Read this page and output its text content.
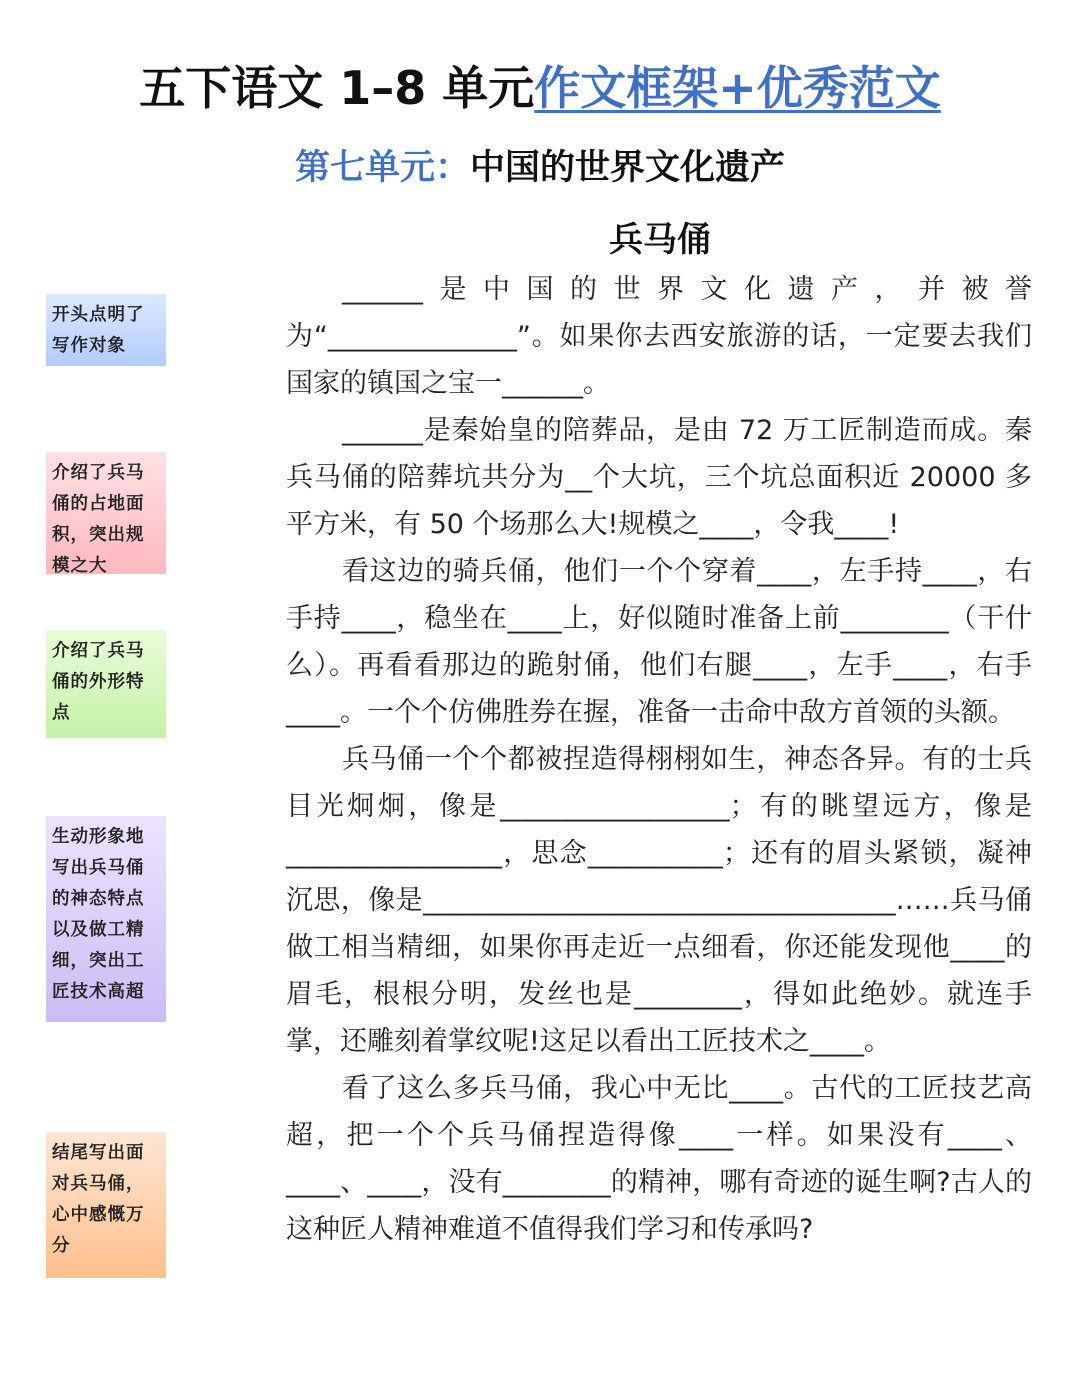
五下语文 1–8 单元作文框架+优秀范文
第七单元：中国的世界文化遗产
兵马俑
开头点明了写作对象
介绍了兵马俑的占地面积，突出规模之大
介绍了兵马俑的外形特点
生动形象地写出兵马俑的神态特点以及做工精细，突出工匠技术高超
结尾写出面对兵马俑，心中感慨万分

______是中国的世界文化遗产，并被誉为“______________”。如果你去西安旅游的话，一定要去我们国家的镇国之宝一______。

______是秦始皇的陪葬品，是由 72 万工匠制造而成。秦兵马俑的陪葬坑共分为__个大坑，三个坑总面积近 20000 多平方米，有 50 个场那么大!规模之____，令我____!

看这边的骑兵俑，他们一个个穿着____，左手持____，右手持____，稳坐在____上，好似随时准备上前________（干什么）。再看看那边的跪射俑，他们右腿____，左手____，右手____。一个个仿佛胜券在握，准备一击命中敌方首领的头额。

兵马俑一个个都被捏造得栩栩如生，神态各异。有的士兵目光炯炯，像是_________________；有的眺望远方，像是________________，思念__________；还有的眉头紧锁，凝神沉思，像是___________________________________……兵马俑做工相当精细，如果你再走近一点细看，你还能发现他____的眉毛，根根分明，发丝也是________，得如此绝妙。就连手掌，还雕刻着掌纹呢!这足以看出工匠技术之____。

看了这么多兵马俑，我心中无比____。古代的工匠技艺高超，把一个个兵马俑捏造得像____一样。如果没有____、____、____，没有________的精神，哪有奇迹的诞生啊?古人的这种匠人精神难道不值得我们学习和传承吗?
